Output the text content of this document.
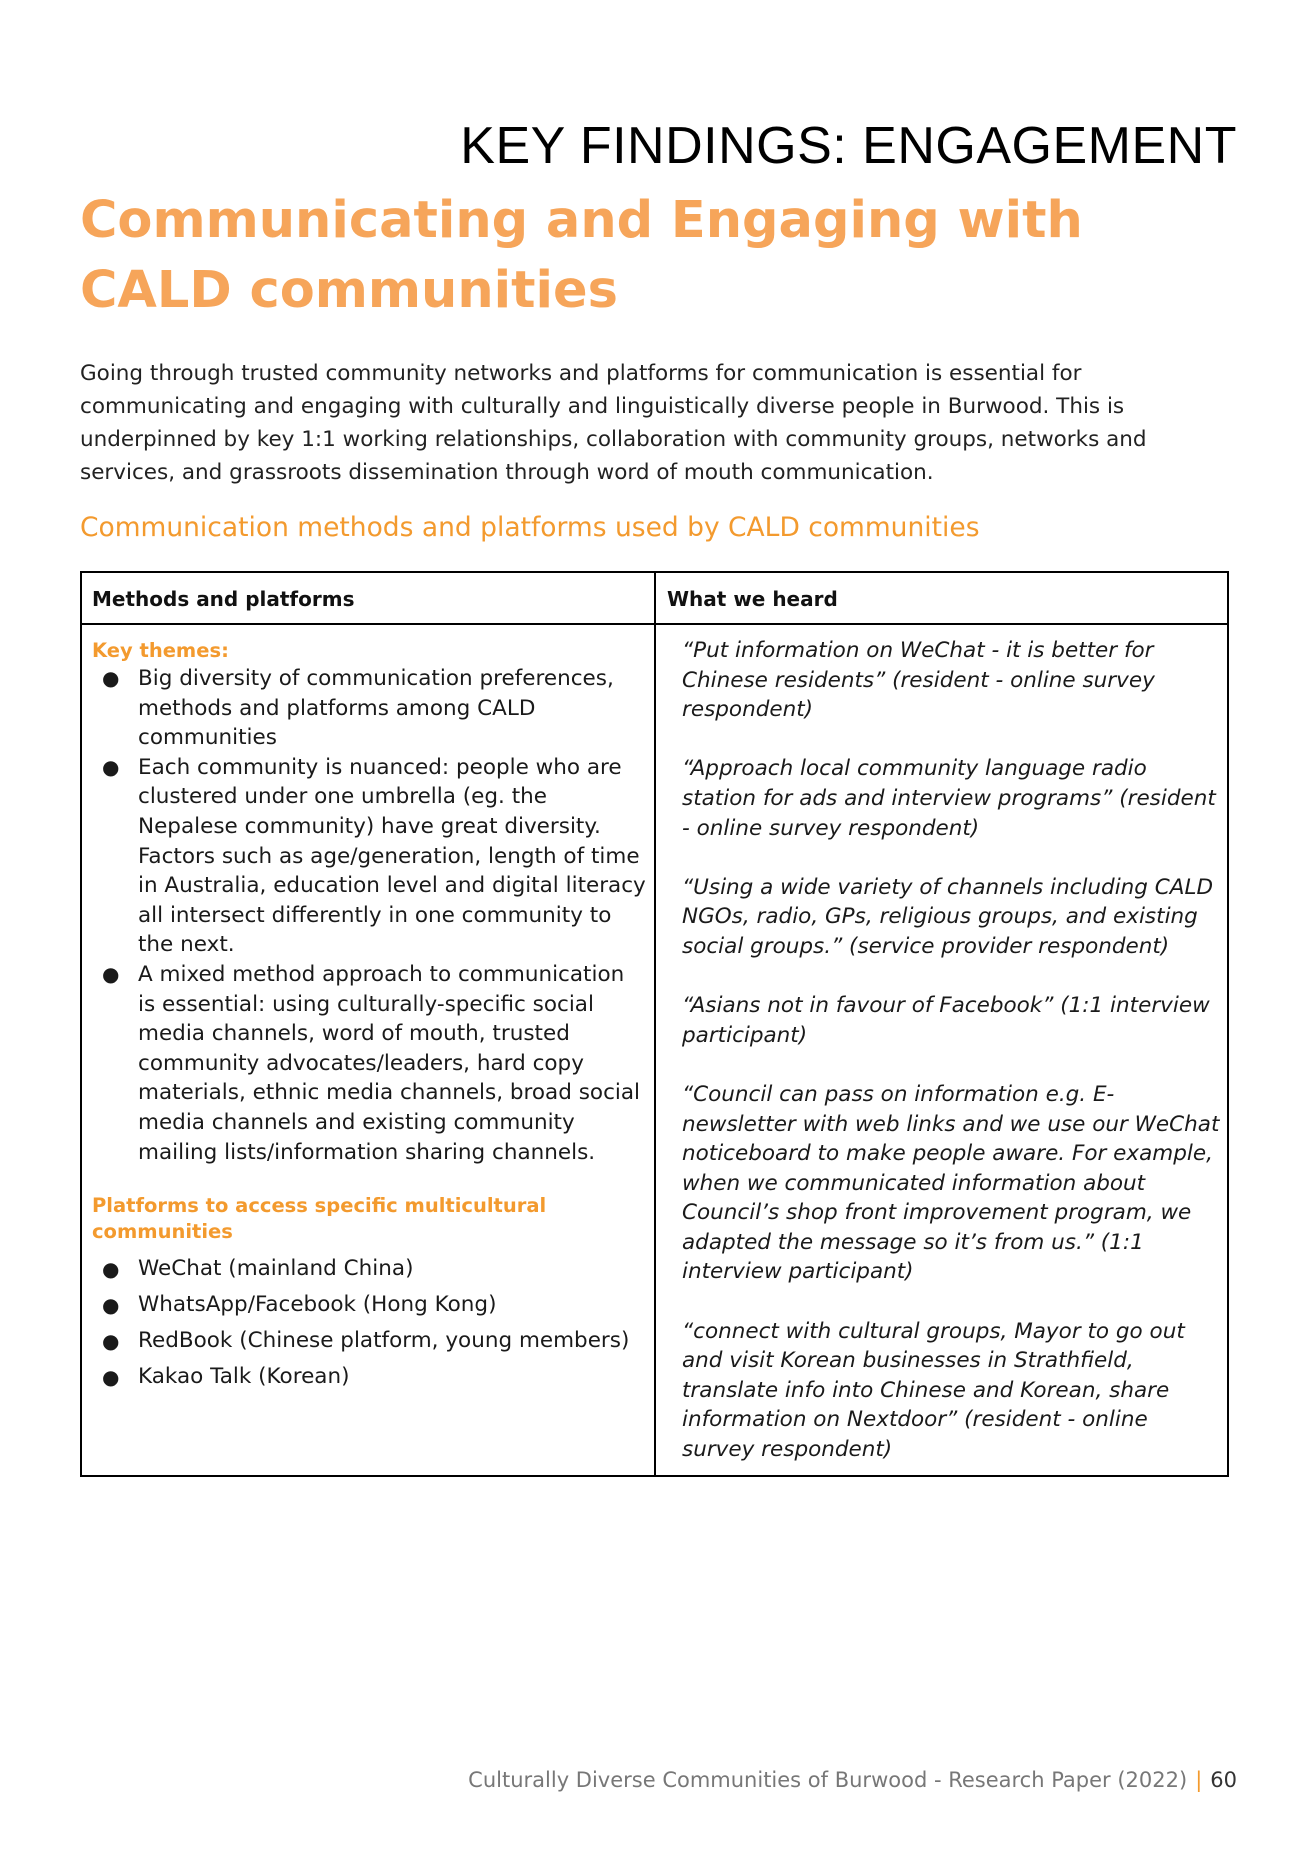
KEY FINDINGS: ENGAGEMENT
Communicating and Engaging with CALD communities

Going through trusted community networks and platforms for communication is essential for communicating and engaging with culturally and linguistically diverse people in Burwood. This is underpinned by key 1:1 working relationships, collaboration with community groups, networks and services, and grassroots dissemination through word of mouth communication.

Communication methods and platforms used by CALD communities
Methods and platforms	What we heard

Key themes:

● Big diversity of communication preferences, methods and platforms among CALD communities
● Each community is nuanced: people who are clustered under one umbrella (eg. the Nepalese community) have great diversity. Factors such as age/generation, length of time in Australia, education level and digital literacy all intersect differently in one community to the next.
● A mixed method approach to communication is essential: using culturally-specific social media channels, word of mouth, trusted community advocates/leaders, hard copy materials, ethnic media channels, broad social media channels and existing community mailing lists/information sharing channels.

Platforms to access specific multicultural communities

● WeChat (mainland China)
● WhatsApp/Facebook (Hong Kong)
● RedBook (Chinese platform, young members)
● Kakao Talk (Korean)

“Put information on WeChat - it is better for Chinese residents” (resident - online survey respondent)

“Approach local community language radio station for ads and interview programs” (resident - online survey respondent)

“Using a wide variety of channels including CALD NGOs, radio, GPs, religious groups, and existing social groups.” (service provider respondent)

“Asians not in favour of Facebook” (1:1 interview participant)

“Council can pass on information e.g. E-newsletter with web links and we use our WeChat noticeboard to make people aware. For example, when we communicated information about Council’s shop front improvement program, we adapted the message so it’s from us.” (1:1 interview participant)

“connect with cultural groups, Mayor to go out and visit Korean businesses in Strathfield, translate info into Chinese and Korean, share information on Nextdoor” (resident - online survey respondent)

Culturally Diverse Communities of Burwood - Research Paper (2022) | 60
